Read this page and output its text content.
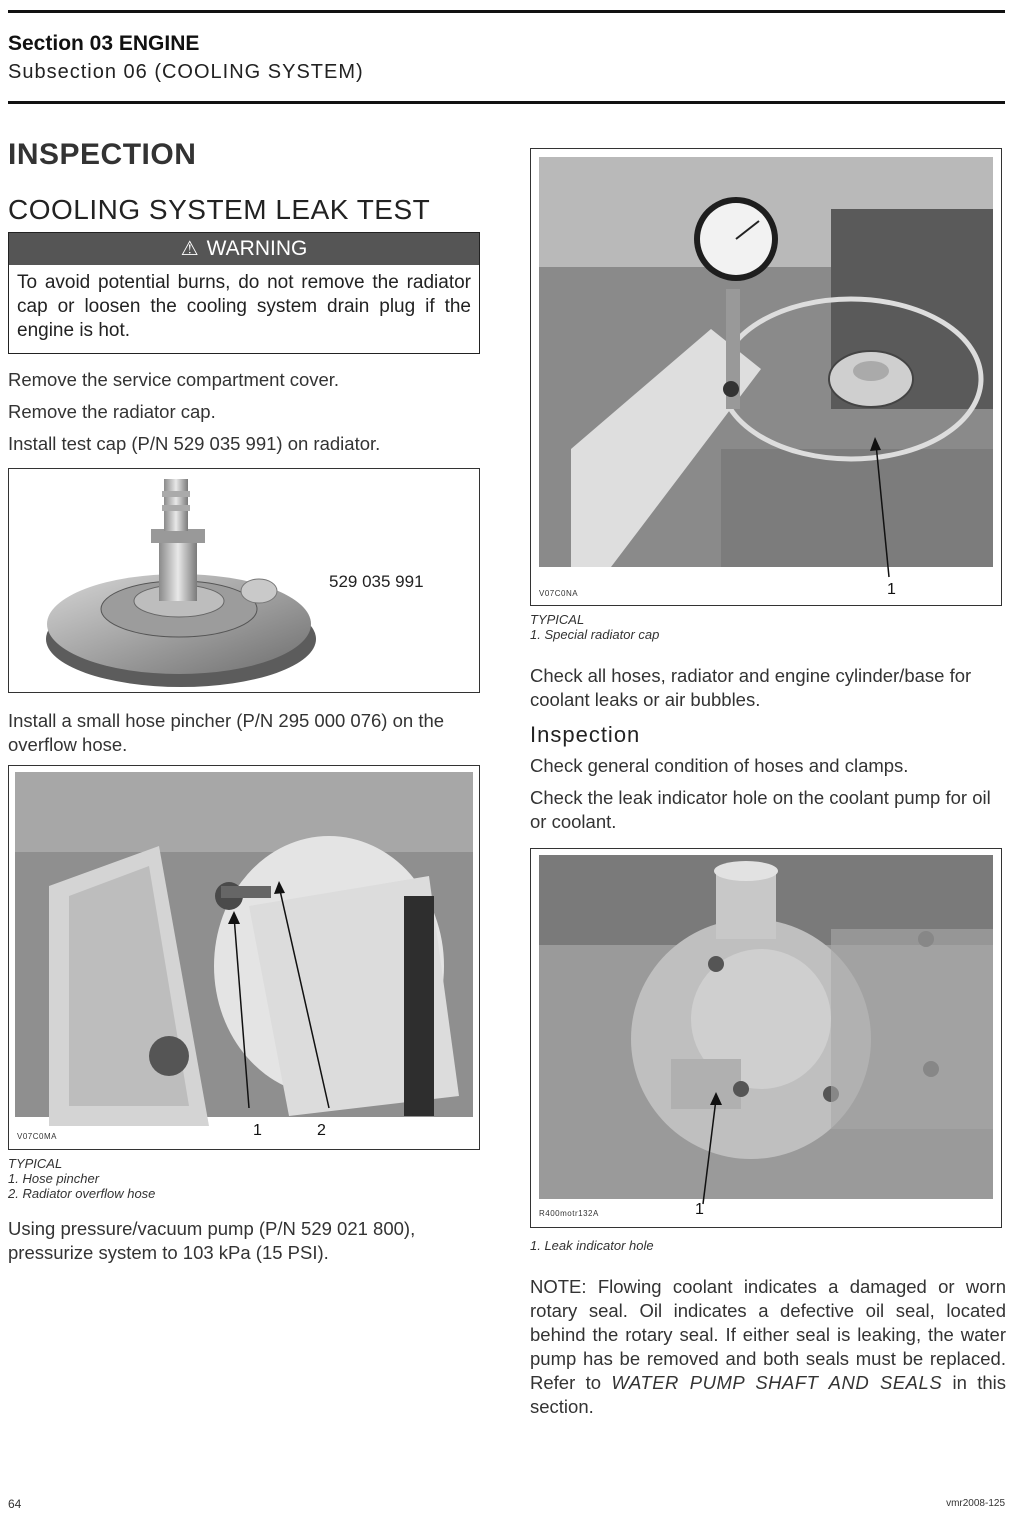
Section 03 ENGINE
Subsection 06 (COOLING SYSTEM)
INSPECTION
COOLING SYSTEM LEAK TEST
⚠ WARNING
To avoid potential burns, do not remove the radiator cap or loosen the cooling system drain plug if the engine is hot.

Remove the service compartment cover.

Remove the radiator cap.

Install test cap (P/N 529 035 991) on radiator.

529 035 991

Install a small hose pincher (P/N 295 000 076) on the overflow hose.

V07C0MA	1	2
TYPICAL
1. Hose pincher
2. Radiator overflow hose

Using pressure/vacuum pump (P/N 529 021 800), pressurize system to 103 kPa (15 PSI).

V07C0NA	1
TYPICAL
1. Special radiator cap

Check all hoses, radiator and engine cylinder/base for coolant leaks or air bubbles.

Inspection

Check general condition of hoses and clamps.

Check the leak indicator hole on the coolant pump for oil or coolant.

R400motr132A	1
1. Leak indicator hole
NOTE: Flowing coolant indicates a damaged or worn rotary seal. Oil indicates a defective oil seal, located behind the rotary seal. If either seal is leaking, the water pump has be removed and both seals must be replaced. Refer to WATER PUMP SHAFT AND SEALS in this section.
64	vmr2008-125
